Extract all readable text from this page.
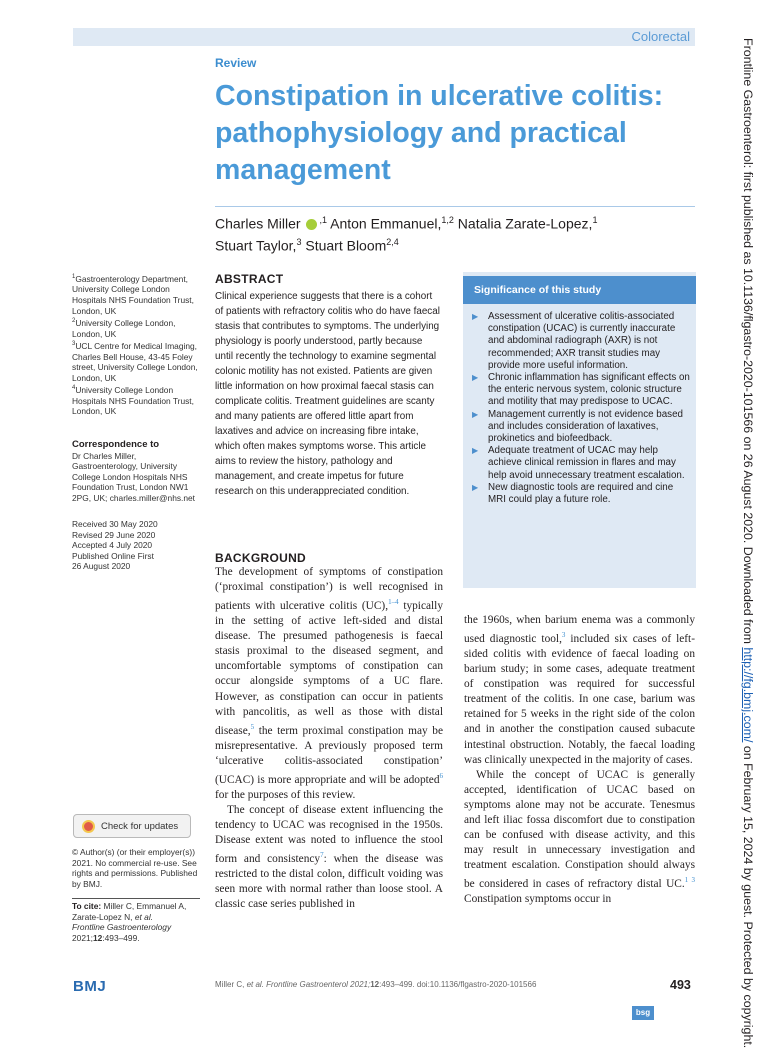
Colorectal
Review
Constipation in ulcerative colitis: pathophysiology and practical management
Charles Miller $^{,1}$ Anton Emmanuel,$^{1,2}$ Natalia Zarate-Lopez,$^1$
Stuart Taylor,$^3$ Stuart Bloom$^{2,4}$
$^1$Gastroenterology Department, University College London Hospitals NHS Foundation Trust, London, UK
$^2$University College London, London, UK
$^3$UCL Centre for Medical Imaging, Charles Bell House, 43-45 Foley street, University College London, London, UK
$^4$University College London Hospitals NHS Foundation Trust, London, UK
Correspondence to
Dr Charles Miller, Gastroenterology, University College London Hospitals NHS Foundation Trust, London NW1 2PG, UK; charles.miller@nhs.net
Received 30 May 2020
Revised 29 June 2020
Accepted 4 July 2020
Published Online First
26 August 2020
Check for updates
© Author(s) (or their employer(s)) 2021. No commercial re-use. See rights and permissions. Published by BMJ.
To cite: Miller C, Emmanuel A, Zarate-Lopez N, et al.
Frontline Gastroenterology
2021;12:493–499.
ABSTRACT
Clinical experience suggests that there is a cohort of patients with refractory colitis who do have faecal stasis that contributes to symptoms. The underlying physiology is poorly understood, partly because until recently the technology to examine segmental colonic motility has not existed. Patients are given little information on how proximal faecal stasis can complicate colitis. Treatment guidelines are scanty and many patients are offered little apart from laxatives and advice on increasing fibre intake, which often makes symptoms worse. This article aims to review the history, pathology and management, and create impetus for future research on this underappreciated condition.
Significance of this study
▶ Assessment of ulcerative colitis-associated constipation (UCAC) is currently inaccurate and abdominal radiograph (AXR) is not recommended; AXR transit studies may provide more useful information.
▶ Chronic inflammation has significant effects on the enteric nervous system, colonic structure and motility that may predispose to UCAC.
▶ Management currently is not evidence based and includes consideration of laxatives, prokinetics and biofeedback.
▶ Adequate treatment of UCAC may help achieve clinical remission in flares and may help avoid unnecessary treatment escalation.
▶ New diagnostic tools are required and cine MRI could play a future role.
BACKGROUND

The development of symptoms of constipation (‘proximal constipation’) is well recognised in patients with ulcerative colitis (UC),$^{1-4}$ typically in the setting of active left-sided and distal disease. The presumed pathogenesis is faecal stasis proximal to the diseased segment, and uncomfortable symptoms of constipation can occur alongside symptoms of a UC flare. However, as constipation can occur in patients with pancolitis, as well as those with distal disease,$^5$ the term proximal constipation may be misrepresentative. A previously proposed term ‘ulcerative colitis-associated constipation’ (UCAC) is more appropriate and will be adopted$^6$ for the purposes of this review.

The concept of disease extent influencing the tendency to UCAC was recognised in the 1950s. Disease extent was noted to influence the stool form and consistency$^7$: when the disease was restricted to the distal colon, difficult voiding was seen more with normal rather than loose stool. A classic case series published in

the 1960s, when barium enema was a commonly used diagnostic tool,$^3$ included six cases of left-sided colitis with evidence of faecal loading on barium study; in some cases, adequate treatment of constipation was required for successful treatment of the colitis. In one case, barium was retained for 5 weeks in the right side of the colon and in another the constipation caused subacute intestinal obstruction. Notably, the faecal loading was clinically unexpected in the majority of cases.

While the concept of UCAC is generally accepted, identification of UCAC based on symptoms alone may not be accurate. Tenesmus and left iliac fossa discomfort due to constipation can be confused with disease activity, and this may result in unnecessary investigation and treatment escalation. Constipation should always be considered in cases of refractory distal UC.$^{1 3}$ Constipation symptoms occur in

BMJ	Miller C, et al. Frontline Gastroenterol 2021;12:493–499. doi:10.1136/flgastro-2020-101566
bsg
493
Frontline Gastroenterol: first published as 10.1136/flgastro-2020-101566 on 26 August 2020. Downloaded from http://fg.bmj.com/ on February 15, 2024 by guest. Protected by copyright.
